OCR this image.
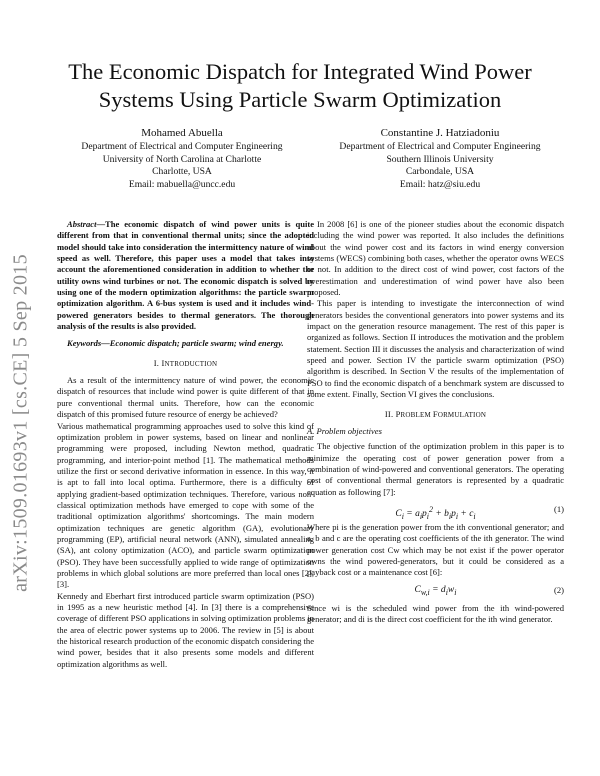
arXiv:1509.01693v1 [cs.CE] 5 Sep 2015
The Economic Dispatch for Integrated Wind Power
Systems Using Particle Swarm Optimization
Mohamed Abuella
Department of Electrical and Computer Engineering
University of North Carolina at Charlotte
Charlotte, USA
Email: mabuella@uncc.edu
Constantine J. Hatziadoniu
Department of Electrical and Computer Engineering
Southern Illinois University
Carbondale, USA
Email: hatz@siu.edu

Abstract—The economic dispatch of wind power units is quite different from that in conventional thermal units; since the adopted model should take into consideration the intermittency nature of wind speed as well. Therefore, this paper uses a model that takes into account the aforementioned consideration in addition to whether the utility owns wind turbines or not. The economic dispatch is solved by using one of the modern optimization algorithms: the particle swarm optimization algorithm. A 6-bus system is used and it includes wind-powered generators besides to thermal generators. The thorough analysis of the results is also provided.

Keywords—Economic dispatch; particle swarm; wind energy.

I. INTRODUCTION

As a result of the intermittency nature of wind power, the economic dispatch of resources that include wind power is quite different of that in pure conventional thermal units. Therefore, how can the economic dispatch of this promised future resource of energy be achieved?

Various mathematical programming approaches used to solve this kind of optimization problem in power systems, based on linear and nonlinear programming were proposed, including Newton method, quadratic programming, and interior-point method [1]. The mathematical methods utilize the first or second derivative information in essence. In this way, it is apt to fall into local optima. Furthermore, there is a difficulty of applying gradient-based optimization techniques. Therefore, various non-classical optimization methods have emerged to cope with some of the traditional optimization algorithms' shortcomings. The main modern optimization techniques are genetic algorithm (GA), evolutionary programming (EP), artificial neural network (ANN), simulated annealing (SA), ant colony optimization (ACO), and particle swarm optimization (PSO). They have been successfully applied to wide range of optimization problems in which global solutions are more preferred than local ones [2],[3].

Kennedy and Eberhart first introduced particle swarm optimization (PSO) in 1995 as a new heuristic method [4]. In [3] there is a comprehensive coverage of different PSO applications in solving optimization problems in the area of electric power systems up to 2006. The review in [5] is about the historical research production of the economic dispatch considering the wind power, besides that it also presents some models and different optimization algorithms as well.

In 2008 [6] is one of the pioneer studies about the economic dispatch including the wind power was reported. It also includes the definitions about the wind power cost and its factors in wind energy conversion systems (WECS) combining both cases, whether the operator owns WECS or not. In addition to the direct cost of wind power, cost factors of the overestimation and underestimation of wind power have also been proposed.

This paper is intending to investigate the interconnection of wind generators besides the conventional generators into power systems and its impact on the generation resource management. The rest of this paper is organized as follows. Section II introduces the motivation and the problem statement. Section III it discusses the analysis and characterization of wind speed and power. Section IV the particle swarm optimization (PSO) algorithm is described. In Section V the results of the implementation of PSO to find the economic dispatch of a benchmark system are discussed to some extent. Finally, Section VI gives the conclusions.

II. PROBLEM FORMULATION
A. Problem objectives

The objective function of the optimization problem in this paper is to minimize the operating cost of power generation power from a combination of wind-powered and conventional generators. The operating cost of conventional thermal generators is represented by a quadratic equation as following [7]:

$C_i = a_ip_i^2 + b_ip_i + c_i$
(1)

Where pi is the generation power from the ith conventional generator; and a, b and c are the operating cost coefficients of the ith generator. The wind power generation cost Cw which may be not exist if the power operator owns the wind powered-generators, but it could be considered as a payback cost or a maintenance cost [6]:

$C_{w,i} = d_iw_i$	(2)

Since wi is the scheduled wind power from the ith wind-powered generator; and di is the direct cost coefficient for the ith wind generator.
